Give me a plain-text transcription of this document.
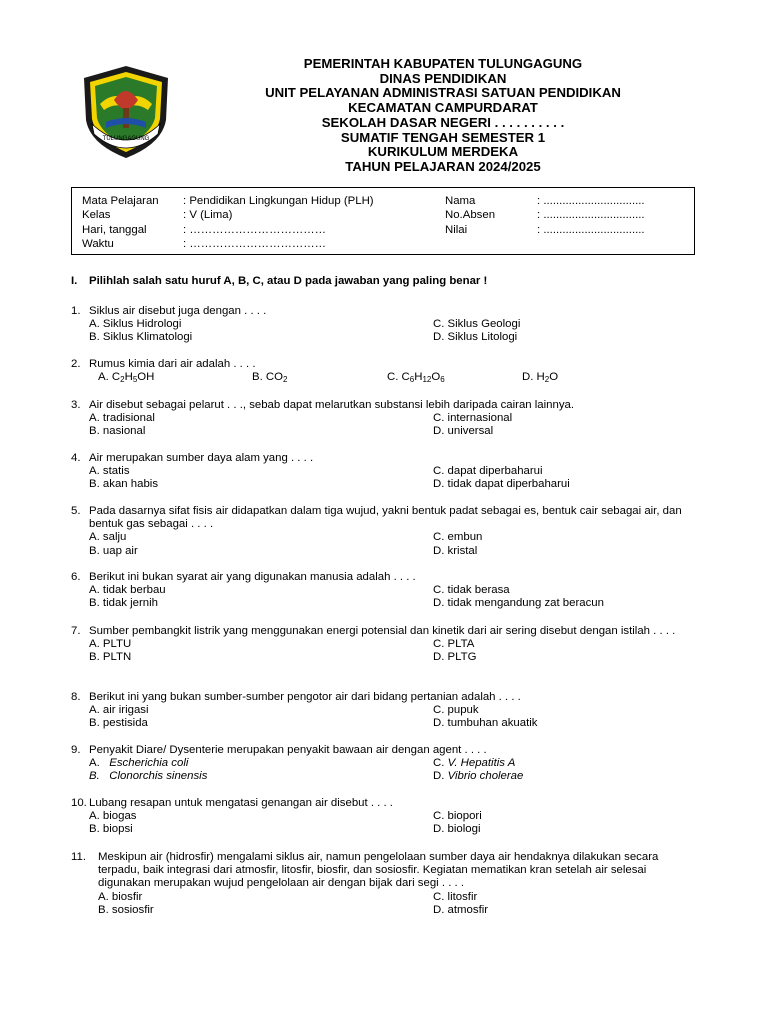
TULUNGAGUNG
PEMERINTAH KABUPATEN TULUNGAGUNG
DINAS PENDIDIKAN
UNIT PELAYANAN ADMINISTRASI SATUAN PENDIDIKAN
KECAMATAN CAMPURDARAT
SEKOLAH DASAR NEGERI . . . . . . . . . .
SUMATIF TENGAH SEMESTER 1
KURIKULUM MERDEKA
TAHUN PELAJARAN 2024/2025
Mata Pelajaran : Pendidikan Lingkungan Hidup (PLH)	Nama	: ................................
Kelas	: V (Lima)	No.Absen	: ................................
Hari, tanggal	: ………………………………	Nilai	: ................................
Waktu	: ………………………………
I. Pilihlah salah satu huruf A, B, C, atau D pada jawaban yang paling benar !
1. Siklus air disebut juga dengan . . . .
A. Siklus Hidrologi	C. Siklus Geologi
B. Siklus Klimatologi	D. Siklus Litologi
2. Rumus kimia dari air adalah . . . .
A. $C_2H_5OH$	B. $CO_2$	C. $C_6H_{12}O_6$	D. $H_2O$
3. Air disebut sebagai pelarut . . ., sebab dapat melarutkan substansi lebih daripada cairan lainnya.
A. tradisional	C. internasional
B. nasional	D. universal
4. Air merupakan sumber daya alam yang . . . .
A. statis	C. dapat diperbaharui
B. akan habis	D. tidak dapat diperbaharui
5. Pada dasarnya sifat fisis air didapatkan dalam tiga wujud, yakni bentuk padat sebagai es, bentuk cair sebagai air, dan bentuk gas sebagai . . . .
A. salju	C. embun
B. uap air	D. kristal
6. Berikut ini bukan syarat air yang digunakan manusia adalah . . . .
A. tidak berbau	C. tidak berasa
B. tidak jernih	D. tidak mengandung zat beracun
7. Sumber pembangkit listrik yang menggunakan energi potensial dan kinetik dari air sering disebut dengan istilah . . . .
A. PLTU	C. PLTA
B. PLTN	D. PLTG
8. Berikut ini yang bukan sumber-sumber pengotor air dari bidang pertanian adalah . . . .
A. air irigasi	C. pupuk
B. pestisida	D. tumbuhan akuatik
9. Penyakit Diare/ Dysenterie merupakan penyakit bawaan air dengan agent . . . .
A. Escherichia coli	C. V. Hepatitis A
B. Clonorchis sinensis	D. Vibrio cholerae
10. Lubang resapan untuk mengatasi genangan air disebut . . . .
A. biogas	C. biopori
B. biopsi	D. biologi
11. Meskipun air (hidrosfir) mengalami siklus air, namun pengelolaan sumber daya air hendaknya dilakukan secara terpadu, baik integrasi dari atmosfir, litosfir, biosfir, dan sosiosfir. Kegiatan mematikan kran setelah air selesai digunakan merupakan wujud pengelolaan air dengan bijak dari segi . . . .
A. biosfir	C. litosfir
B. sosiosfir	D. atmosfir
